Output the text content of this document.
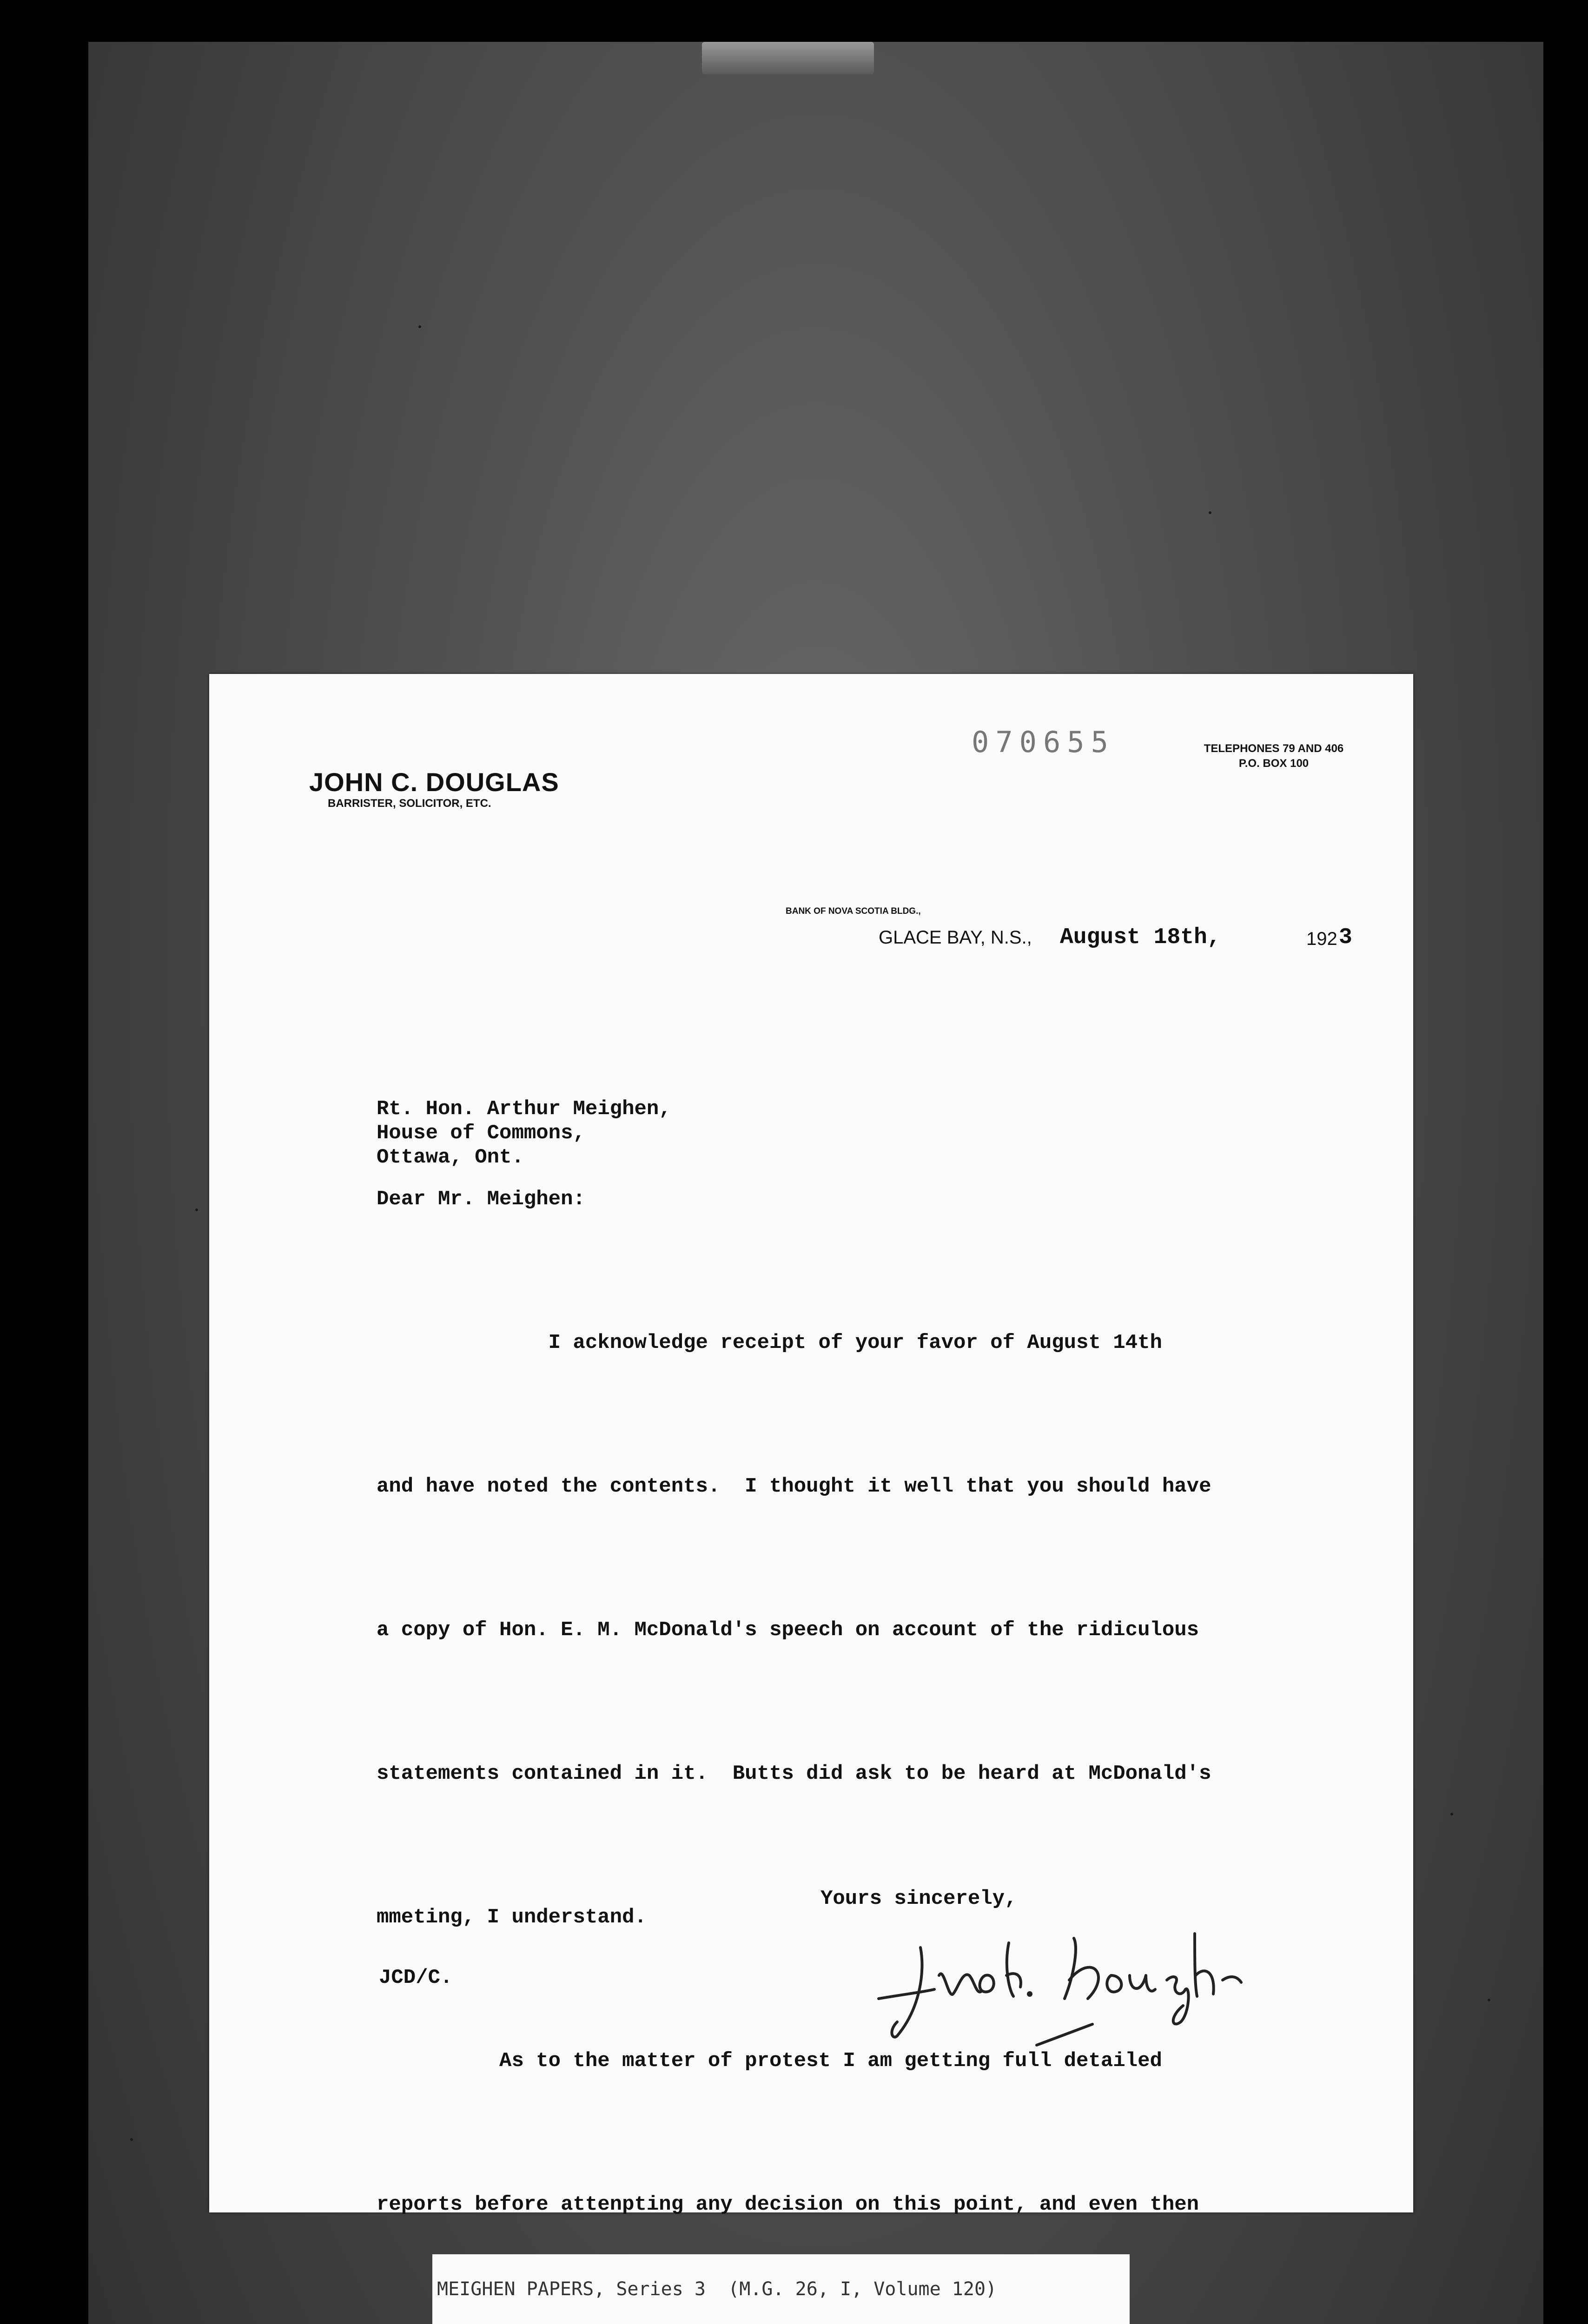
JOHN C. DOUGLAS
BARRISTER, SOLICITOR, ETC.
070655	TELEPHONES 79 AND 406
P.O. BOX 100
BANK OF NOVA SCOTIA BLDG.,
GLACE BAY, N.S., August 18th,	192 3
Rt. Hon. Arthur Meighen,
House of Commons,
Ottawa, Ont.
Dear Mr. Meighen:

I acknowledge receipt of your favor of August 14th

and have noted the contents.  I thought it well that you should have

a copy of Hon. E. M. McDonald's speech on account of the ridiculous

statements contained in it.  Butts did ask to be heard at McDonald's

mmeting, I understand.

As to the matter of protest I am getting full detailed

reports before attenpting any decision on this point, and even then

Yours sincerely,
JCD/C.
MEIGHEN PAPERS, Series 3  (M.G. 26, I, Volume 120)
